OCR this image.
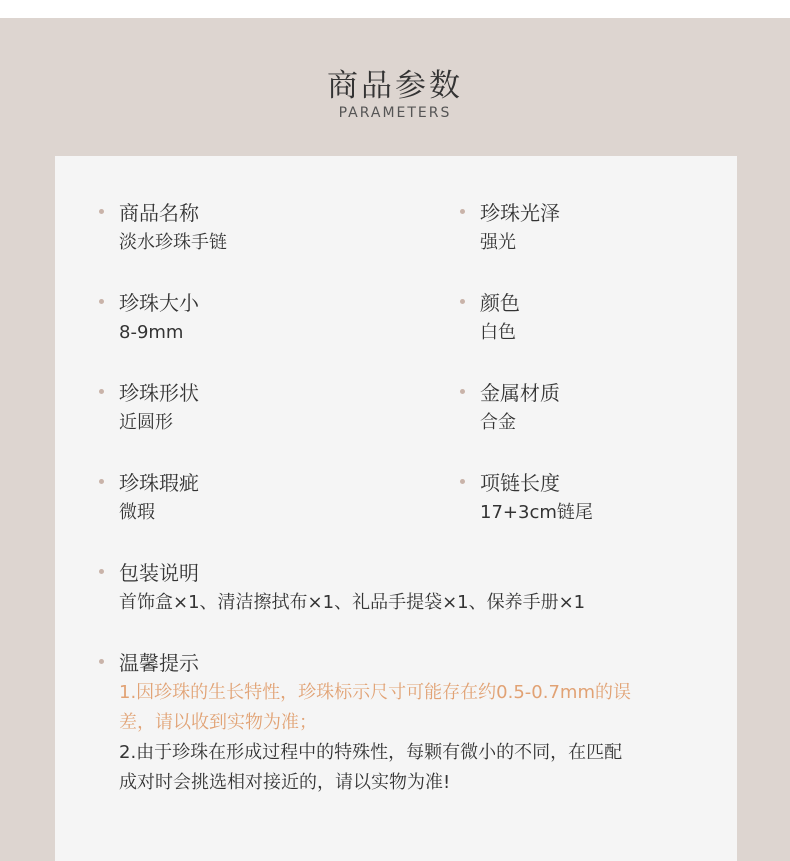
商品参数
PARAMETERS
商品名称
淡水珍珠手链
珍珠大小
8-9mm
珍珠形状
近圆形
珍珠瑕疵
微瑕
珍珠光泽
强光
颜色
白色
金属材质
合金
项链长度
17+3cm链尾
包装说明
首饰盒×1、清洁擦拭布×1、礼品手提袋×1、保养手册×1
温馨提示
1.因珍珠的生长特性，珍珠标示尺寸可能存在约0.5-0.7mm的误
差，请以收到实物为准；
2.由于珍珠在形成过程中的特殊性，每颗有微小的不同，在匹配
成对时会挑选相对接近的，请以实物为准!
